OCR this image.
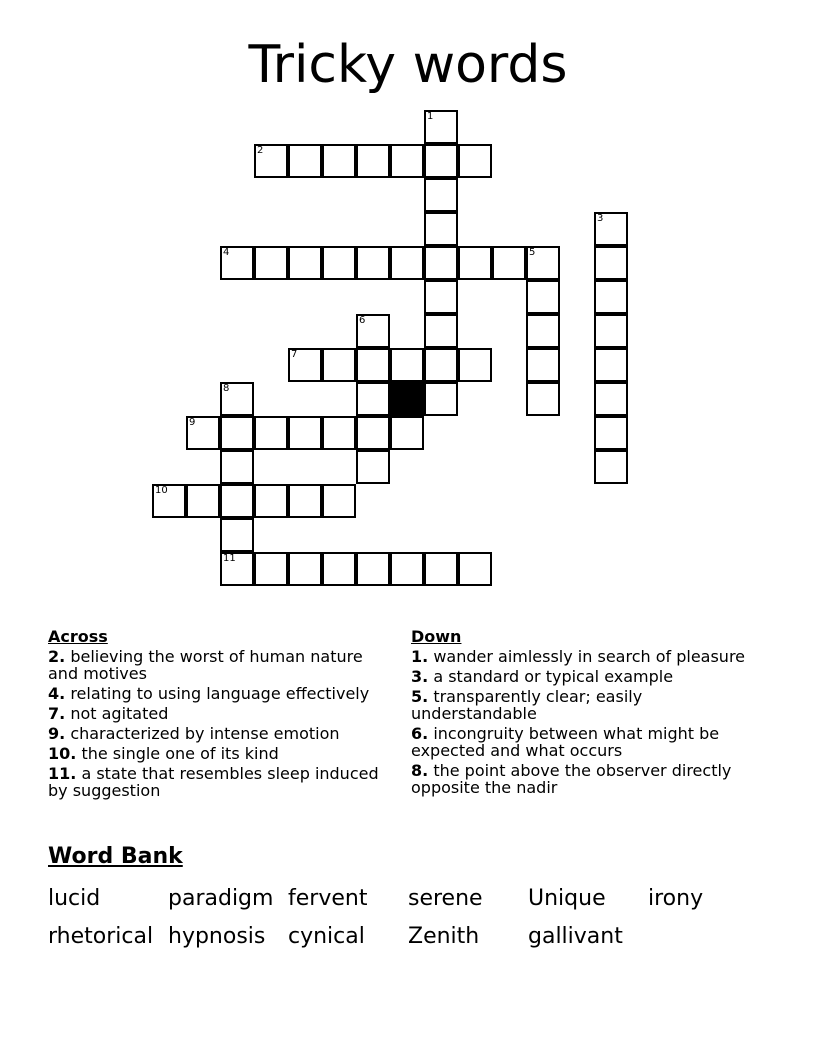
Tricky words
1
2
3
4	5
6
7
8
9
10
11
Across
2. believing the worst of human nature and motives
4. relating to using language effectively
7. not agitated
9. characterized by intense emotion
10. the single one of its kind
11. a state that resembles sleep induced by suggestion
Down
1. wander aimlessly in search of pleasure
3. a standard or typical example
5. transparently clear; easily understandable
6. incongruity between what might be expected and what occurs
8. the point above the observer directly opposite the nadir
Word Bank
lucid	paradigm fervent serene Unique ironyrhetorical hypnosis cynical Zenith gallivant
